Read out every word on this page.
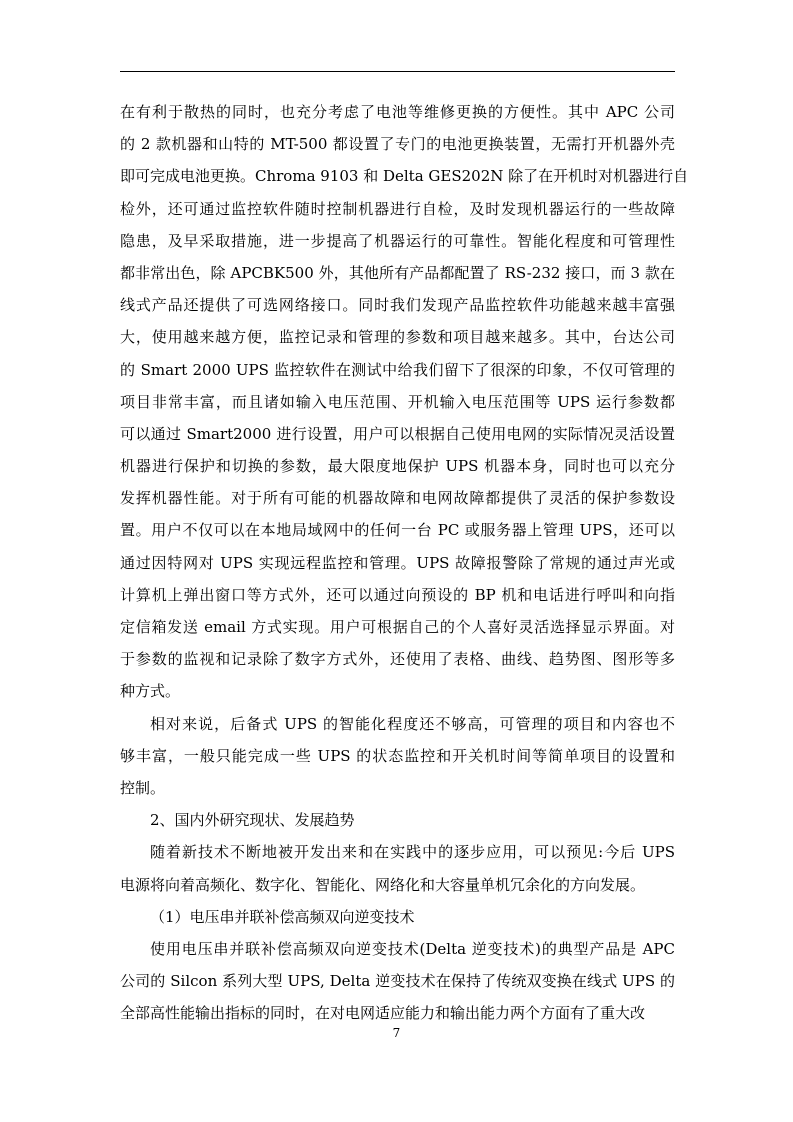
在有利于散热的同时，也充分考虑了电池等维修更换的方便性。其中 APC 公司
的 2 款机器和山特的 MT-500 都设置了专门的电池更换装置，无需打开机器外壳
即可完成电池更换。Chroma 9103 和 Delta GES202N 除了在开机时对机器进行自
检外，还可通过监控软件随时控制机器进行自检，及时发现机器运行的一些故障
隐患，及早采取措施，进一步提高了机器运行的可靠性。智能化程度和可管理性
都非常出色，除 APCBK500 外，其他所有产品都配置了 RS-232 接口，而 3 款在
线式产品还提供了可选网络接口。同时我们发现产品监控软件功能越来越丰富强
大，使用越来越方便，监控记录和管理的参数和项目越来越多。其中，台达公司
的 Smart 2000 UPS 监控软件在测试中给我们留下了很深的印象，不仅可管理的
项目非常丰富，而且诸如输入电压范围、开机输入电压范围等 UPS 运行参数都
可以通过 Smart2000 进行设置，用户可以根据自己使用电网的实际情况灵活设置
机器进行保护和切换的参数，最大限度地保护 UPS 机器本身，同时也可以充分
发挥机器性能。对于所有可能的机器故障和电网故障都提供了灵活的保护参数设
置。用户不仅可以在本地局域网中的任何一台 PC 或服务器上管理 UPS，还可以
通过因特网对 UPS 实现远程监控和管理。UPS 故障报警除了常规的通过声光或
计算机上弹出窗口等方式外，还可以通过向预设的 BP 机和电话进行呼叫和向指
定信箱发送 email 方式实现。用户可根据自己的个人喜好灵活选择显示界面。对
于参数的监视和记录除了数字方式外，还使用了表格、曲线、趋势图、图形等多
种方式。
相对来说，后备式 UPS 的智能化程度还不够高，可管理的项目和内容也不
够丰富，一般只能完成一些 UPS 的状态监控和开关机时间等简单项目的设置和
控制。
2、国内外研究现状、发展趋势
随着新技术不断地被开发出来和在实践中的逐步应用，可以预见:今后 UPS
电源将向着高频化、数字化、智能化、网络化和大容量单机冗余化的方向发展。
（1）电压串并联补偿高频双向逆变技术
使用电压串并联补偿高频双向逆变技术(Delta 逆变技术)的典型产品是 APC
公司的 Silcon 系列大型 UPS, Delta 逆变技术在保持了传统双变换在线式 UPS 的
全部高性能输出指标的同时，在对电网适应能力和输出能力两个方面有了重大改
7
